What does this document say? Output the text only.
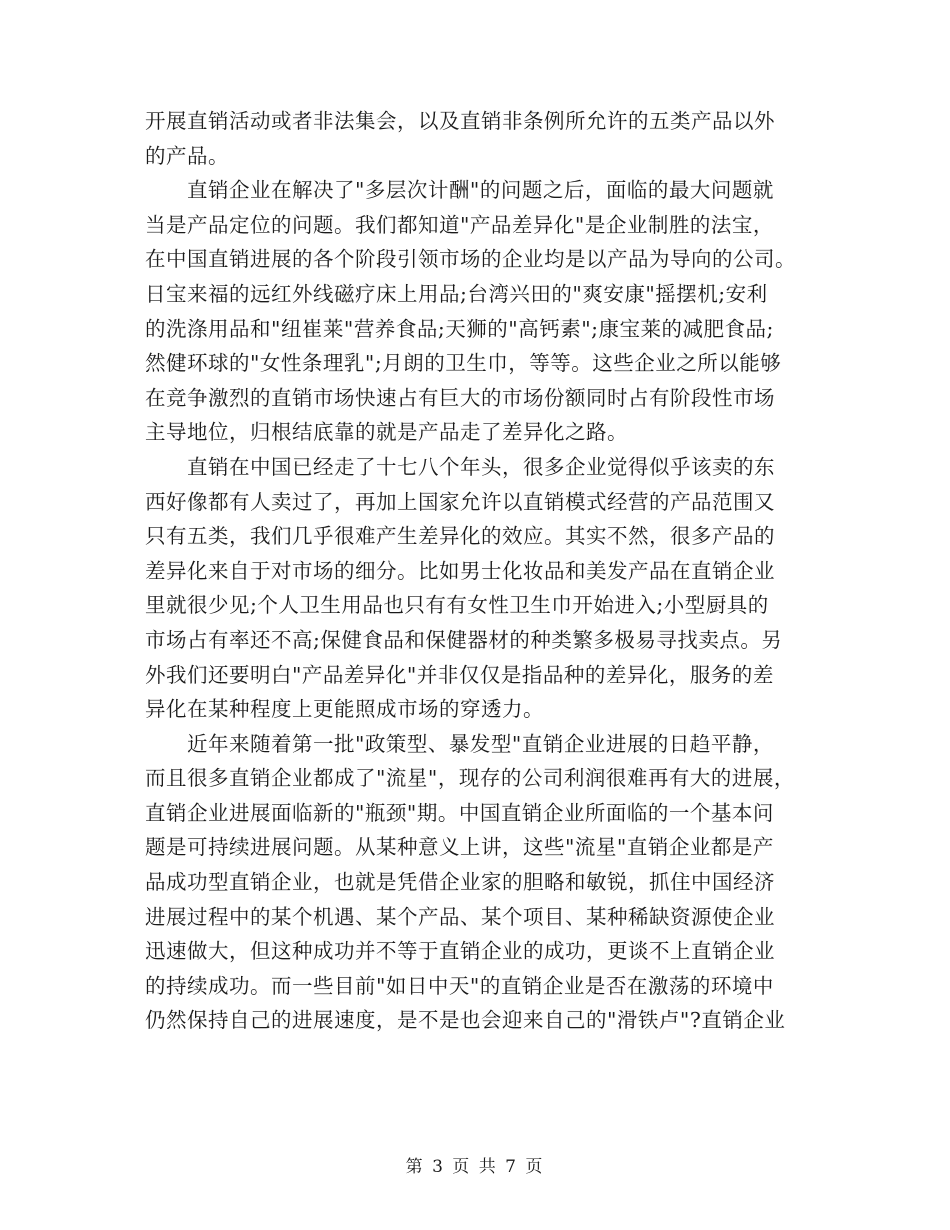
开展直销活动或者非法集会，以及直销非条例所允许的五类产品以外
的产品。
直销企业在解决了"多层次计酬"的问题之后，面临的最大问题就
当是产品定位的问题。我们都知道"产品差异化"是企业制胜的法宝，
在中国直销进展的各个阶段引领市场的企业均是以产品为导向的公司。
日宝来福的远红外线磁疗床上用品;台湾兴田的"爽安康"摇摆机;安利
的洗涤用品和"纽崔莱"营养食品;天狮的"高钙素";康宝莱的减肥食品;
然健环球的"女性条理乳";月朗的卫生巾，等等。这些企业之所以能够
在竞争激烈的直销市场快速占有巨大的市场份额同时占有阶段性市场
主导地位，归根结底靠的就是产品走了差异化之路。
直销在中国已经走了十七八个年头，很多企业觉得似乎该卖的东
西好像都有人卖过了，再加上国家允许以直销模式经营的产品范围又
只有五类，我们几乎很难产生差异化的效应。其实不然，很多产品的
差异化来自于对市场的细分。比如男士化妆品和美发产品在直销企业
里就很少见;个人卫生用品也只有有女性卫生巾开始进入;小型厨具的
市场占有率还不高;保健食品和保健器材的种类繁多极易寻找卖点。另
外我们还要明白"产品差异化"并非仅仅是指品种的差异化，服务的差
异化在某种程度上更能照成市场的穿透力。
近年来随着第一批"政策型、暴发型"直销企业进展的日趋平静，
而且很多直销企业都成了"流星"，现存的公司利润很难再有大的进展，
直销企业进展面临新的"瓶颈"期。中国直销企业所面临的一个基本问
题是可持续进展问题。从某种意义上讲，这些"流星"直销企业都是产
品成功型直销企业，也就是凭借企业家的胆略和敏锐，抓住中国经济
进展过程中的某个机遇、某个产品、某个项目、某种稀缺资源使企业
迅速做大，但这种成功并不等于直销企业的成功，更谈不上直销企业
的持续成功。而一些目前"如日中天"的直销企业是否在激荡的环境中
仍然保持自己的进展速度，是不是也会迎来自己的"滑铁卢"?直销企业
第 3 页 共 7 页
